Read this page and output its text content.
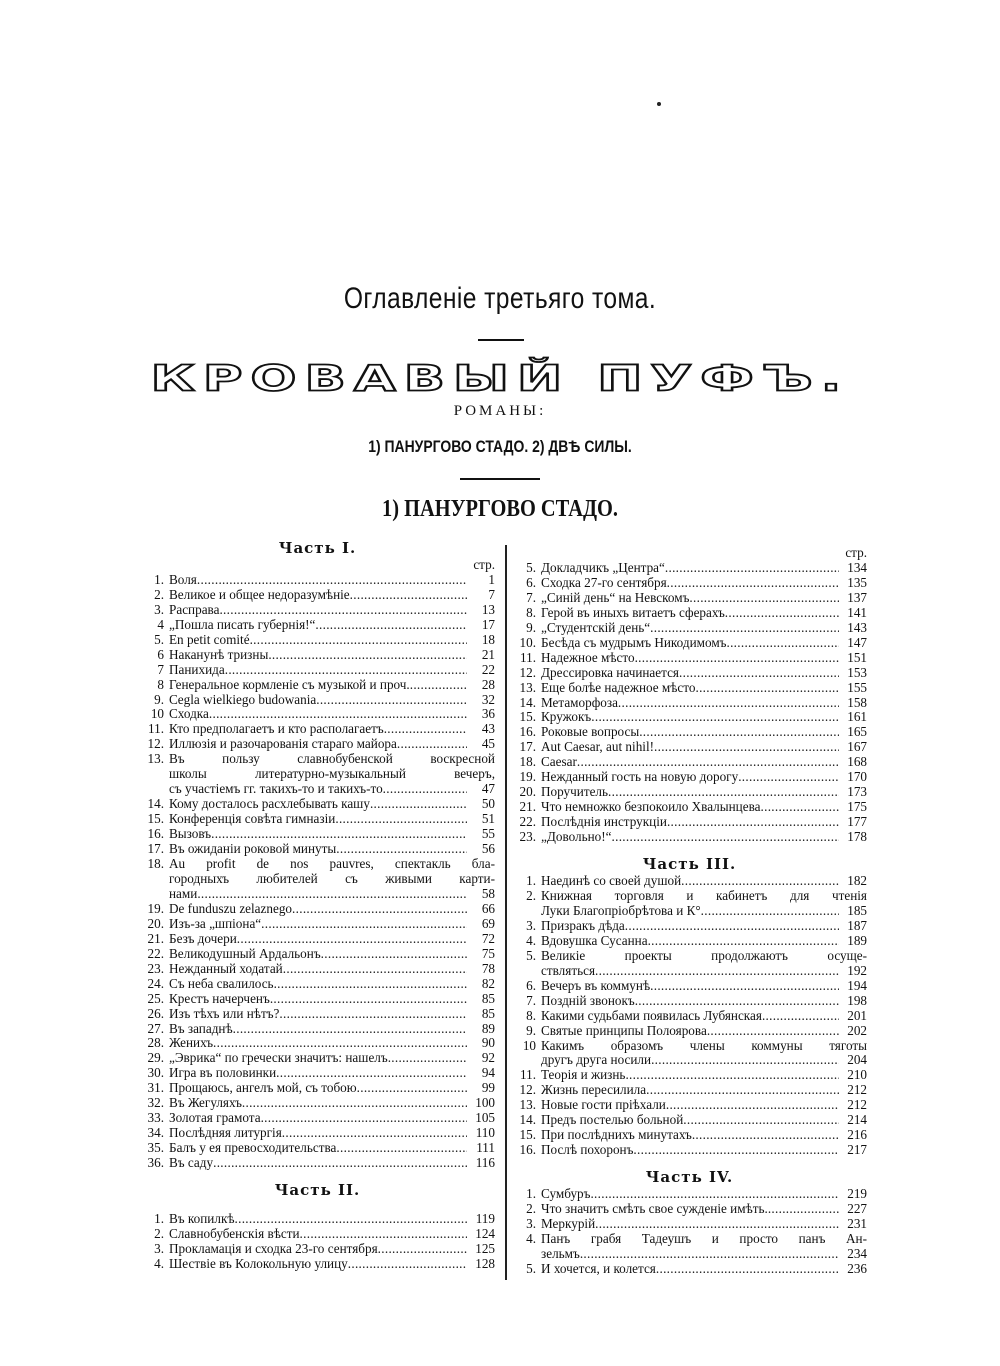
Оглавленіе третьяго тома.
КРОВАВЫЙ ПУФЪ.
РОМАНЫ:
1) ПАНУРГОВО СТАДО. 2) ДВѢ СИЛЫ.
1) ПАНУРГОВО СТАДО.
Часть I.
стр.
1. Воля . . .	1
2. Великое и общее недоразумѣніе . . .	7
3. Расправа . . .	13
4 „Пошла писать губернія!“ . . .	17
5. En petit comité . . .	18
6 Наканунѣ тризны . . .	21
7 Панихида . . .	22
8 Генеральное кормленіе съ музыкой и проч. . . .	28
9. Cegla wielkiego budowania . . .	32
10 Сходка . . .	36
11. Кто предполагаетъ и кто располагаетъ . . .	43
12. Иллюзія и разочарованія стараго майора . . .	45
13. Въ пользу славнобубенской воскресной
школы литературно-музыкальный вечеръ,
съ участіемъ гг. такихъ-то и такихъ-то . . .	47
14. Кому досталось расхлебывать кашу . . .	50
15. Конференція совѣта гимназіи . . .	51
16. Вызовъ . . .	55
17. Въ ожиданіи роковой минуты . . .	56
18. Au profit de nos pauvres, спектакль бла-
городныхъ любителей съ живыми карти-
нами . . .	58
19. De funduszu zelaznego . . .	66
20. Изъ-за „шпіона“ . . .	69
21. Безъ дочери . . .	72
22. Великодушный Ардальонъ . . .	75
23. Нежданный ходатай . . .	78
24. Съ неба свалилось . . .	82
25. Крестъ начерченъ . . .	85
26. Изъ тѣхъ или нѣтъ? . . .	85
27. Въ западнѣ . . .	89
28. Женихъ . . .	90
29. „Эврика“ по гречески значитъ: нашелъ . . .	92
30. Игра въ половинки . . .	94
31. Прощаюсь, ангелъ мой, съ тобою . . .	99
32. Въ Жегуляхъ . . .	100
33. Золотая грамота . . .	105
34. Послѣдняя литургія . . .	110
35. Балъ у ея превосходительства . . .	111
36. Въ саду . . .	116
Часть II.
1. Въ копилкѣ . . .	119
2. Славнобубенскія вѣсти . . .	124
3. Прокламація и сходка 23-го сентября . . .	125
4. Шествіе въ Колокольную улицу . . .	128
стр.
5. Докладчикъ „Центра“ . . .	134
6. Сходка 27-го сентября . . .	135
7. „Синій день“ на Невскомъ . . .	137
8. Герой въ иныхъ витаетъ сферахъ . . .	141
9. „Студентскій день“ . . .	143
10. Бесѣда съ мудрымъ Никодимомъ . . .	147
11. Надежное мѣсто . . .	151
12. Дрессировка начинается . . .	153
13. Еще болѣе надежное мѣсто . . .	155
14. Метаморфоза . . .	158
15. Кружокъ . . .	161
16. Роковые вопросы . . .	165
17. Aut Caesar, aut nihil! . . .	167
18. Caesar . . .	168
19. Нежданный гость на новую дорогу . . .	170
20. Поручитель . . .	173
21. Что немножко безпокоило Хвалынцева . . .	175
22. Послѣднія инструкціи . . .	177
23. „Довольно!“ . . .	178
Часть III.
1. Наединѣ со своей душой . . .	182
2. Книжная торговля и кабинетъ для чтенія
Луки Благопріобрѣтова и К° . . .	185
3. Призракъ дѣда . . .	187
4. Вдовушка Сусанна . . .	189
5. Великіе проекты продолжаютъ осуще-
ствляться . . .	192
6. Вечеръ въ коммунѣ . . .	194
7. Поздній звонокъ . . .	198
8. Какими судьбами появилась Лубянская . . .	201
9. Святые принципы Полоярова . . .	202
10 Какимъ образомъ члены коммуны тяготы
другъ друга носили . . .	204
11. Теорія и жизнь . . .	210
12. Жизнь пересилила . . .	212
13. Новые гости пріѣхали . . .	212
14. Предъ постелью больной . . .	214
15. При послѣднихъ минутахъ . . .	216
16. Послѣ похоронъ . . .	217
Часть IV.
1. Сумбуръ . . .	219
2. Что значитъ смѣть свое сужденіе имѣть. . . .	227
3. Меркурій . . .	231
4. Панъ грабя Тадеушъ и просто панъ Ан-
зельмъ . . .	234
5. И хочется, и колется . . .	236
